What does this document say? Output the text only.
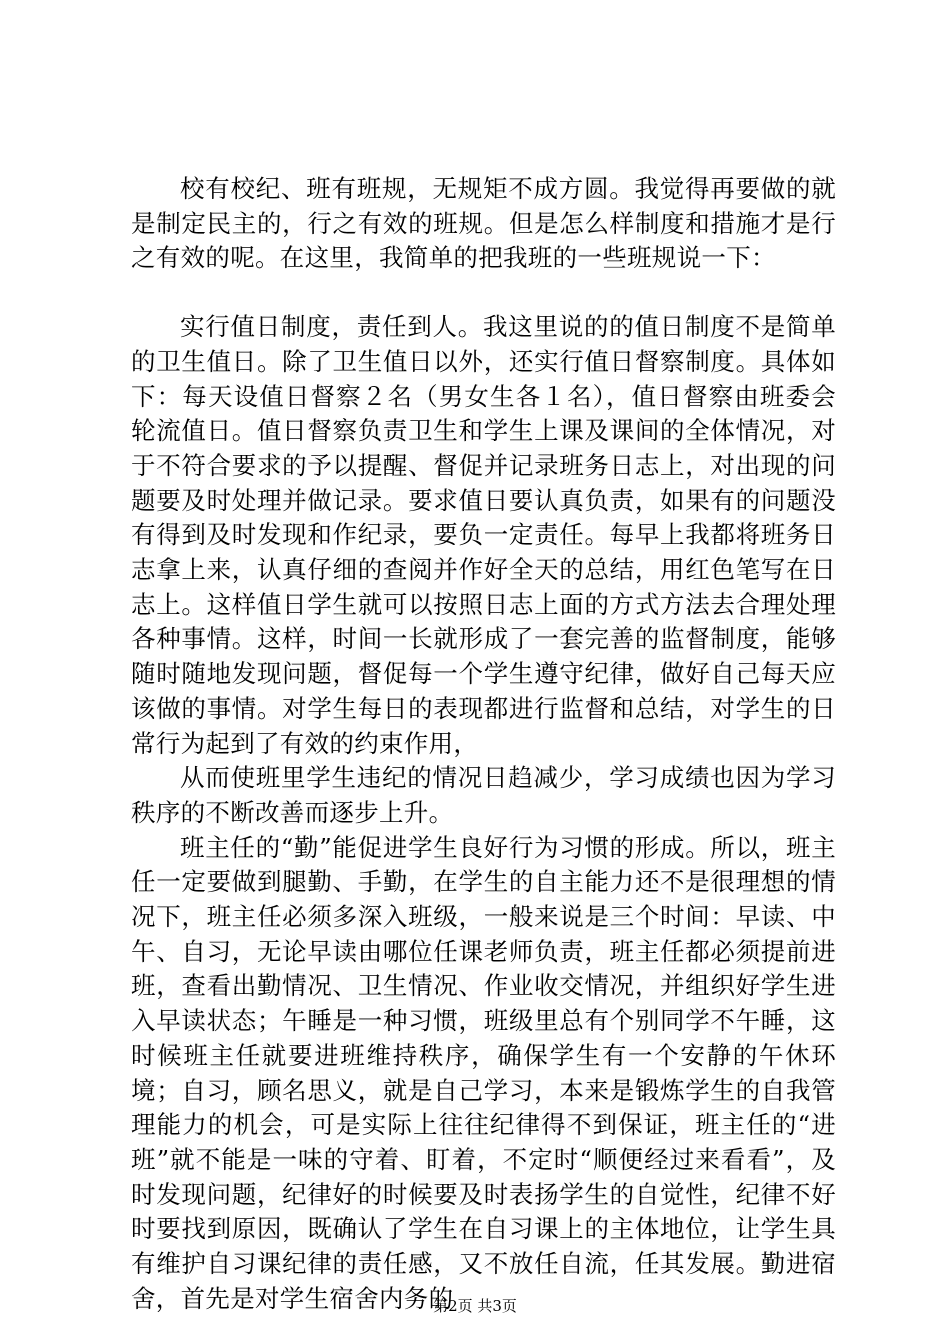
校有校纪、班有班规，无规矩不成方圆。我觉得再要做的就是制定民主的，行之有效的班规。但是怎么样制度和措施才是行之有效的呢。在这里，我简单的把我班的一些班规说一下：

实行值日制度，责任到人。我这里说的的值日制度不是简单的卫生值日。除了卫生值日以外，还实行值日督察制度。具体如下：每天设值日督察２名（男女生各１名），值日督察由班委会轮流值日。值日督察负责卫生和学生上课及课间的全体情况，对于不符合要求的予以提醒、督促并记录班务日志上，对出现的问题要及时处理并做记录。要求值日要认真负责，如果有的问题没有得到及时发现和作纪录，要负一定责任。每早上我都将班务日志拿上来，认真仔细的查阅并作好全天的总结，用红色笔写在日志上。这样值日学生就可以按照日志上面的方式方法去合理处理各种事情。这样，时间一长就形成了一套完善的监督制度，能够随时随地发现问题，督促每一个学生遵守纪律，做好自己每天应该做的事情。对学生每日的表现都进行监督和总结，对学生的日常行为起到了有效的约束作用，

从而使班里学生违纪的情况日趋减少，学习成绩也因为学习秩序的不断改善而逐步上升。

班主任的“勤”能促进学生良好行为习惯的形成。所以，班主任一定要做到腿勤、手勤，在学生的自主能力还不是很理想的情况下，班主任必须多深入班级，一般来说是三个时间：早读、中午、自习，无论早读由哪位任课老师负责，班主任都必须提前进班，查看出勤情况、卫生情况、作业收交情况，并组织好学生进入早读状态；午睡是一种习惯，班级里总有个别同学不午睡，这时候班主任就要进班维持秩序，确保学生有一个安静的午休环境；自习，顾名思义，就是自己学习，本来是锻炼学生的自我管理能力的机会，可是实际上往往纪律得不到保证，班主任的“进班”就不能是一味的守着、盯着，不定时“顺便经过来看看”，及时发现问题，纪律好的时候要及时表扬学生的自觉性，纪律不好时要找到原因，既确认了学生在自习课上的主体地位，让学生具有维护自习课纪律的责任感，又不放任自流，任其发展。勤进宿舍，首先是对学生宿舍内务的

第2页 共3页
